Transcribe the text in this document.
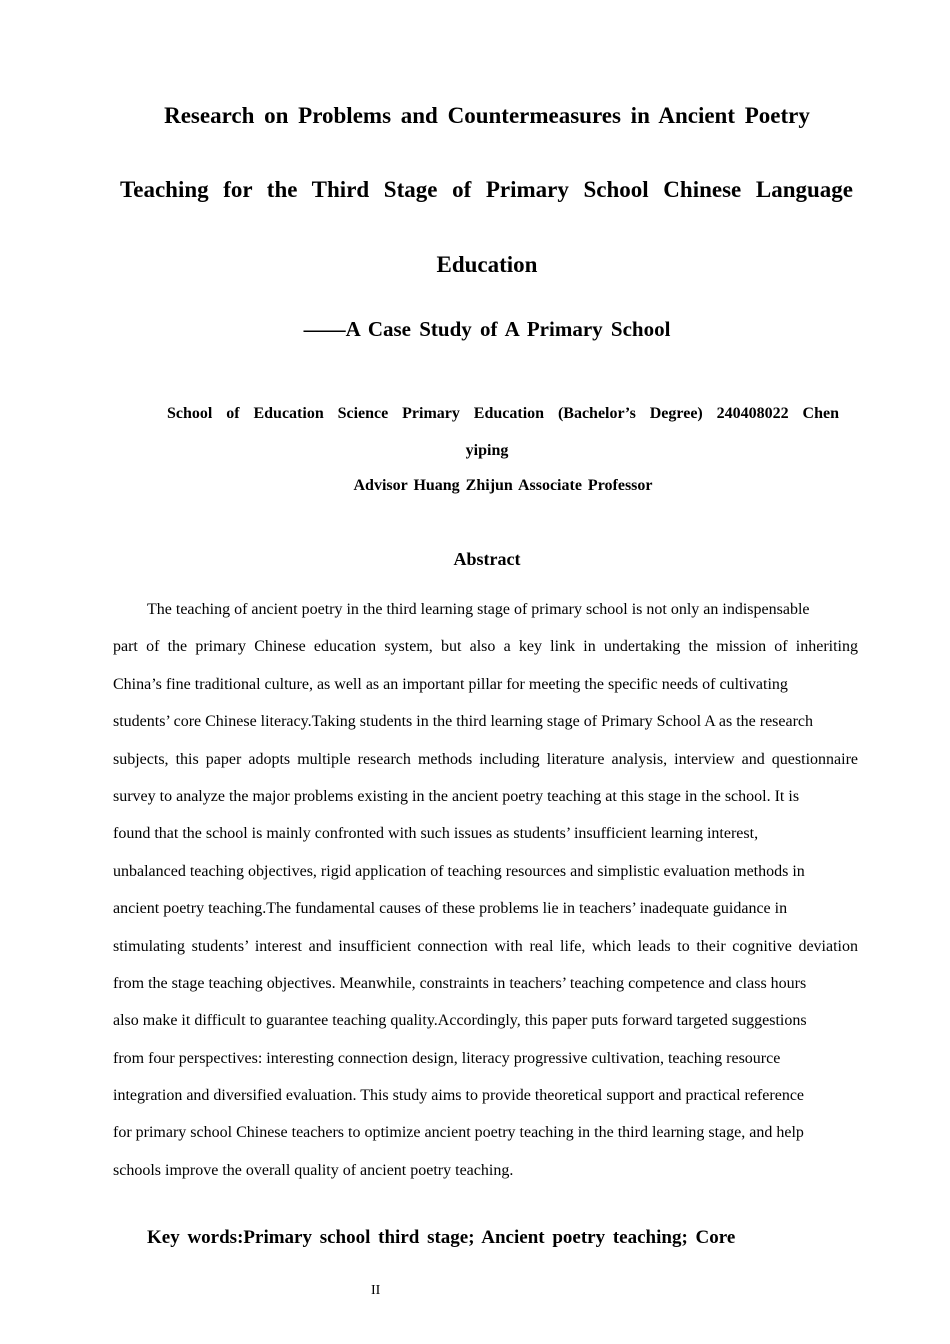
Research on Problems and Countermeasures in Ancient Poetry
Teaching for the Third Stage of Primary School Chinese Language
Education
——A Case Study of A Primary School
School of Education Science Primary Education (Bachelor’s Degree) 240408022 Chen
yiping
Advisor Huang Zhijun Associate Professor
Abstract
The teaching of ancient poetry in the third learning stage of primary school is not only an indispensable
part of the primary Chinese education system, but also a key link in undertaking the mission of inheriting
China’s fine traditional culture, as well as an important pillar for meeting the specific needs of cultivating
students’ core Chinese literacy.Taking students in the third learning stage of Primary School A as the research
subjects, this paper adopts multiple research methods including literature analysis, interview and questionnaire
survey to analyze the major problems existing in the ancient poetry teaching at this stage in the school. It is
found that the school is mainly confronted with such issues as students’ insufficient learning interest,
unbalanced teaching objectives, rigid application of teaching resources and simplistic evaluation methods in
ancient poetry teaching.The fundamental causes of these problems lie in teachers’ inadequate guidance in
stimulating students’ interest and insufficient connection with real life, which leads to their cognitive deviation
from the stage teaching objectives. Meanwhile, constraints in teachers’ teaching competence and class hours
also make it difficult to guarantee teaching quality.Accordingly, this paper puts forward targeted suggestions
from four perspectives: interesting connection design, literacy progressive cultivation, teaching resource
integration and diversified evaluation. This study aims to provide theoretical support and practical reference
for primary school Chinese teachers to optimize ancient poetry teaching in the third learning stage, and help
schools improve the overall quality of ancient poetry teaching.
Key words:Primary school third stage; Ancient poetry teaching; Core
II
